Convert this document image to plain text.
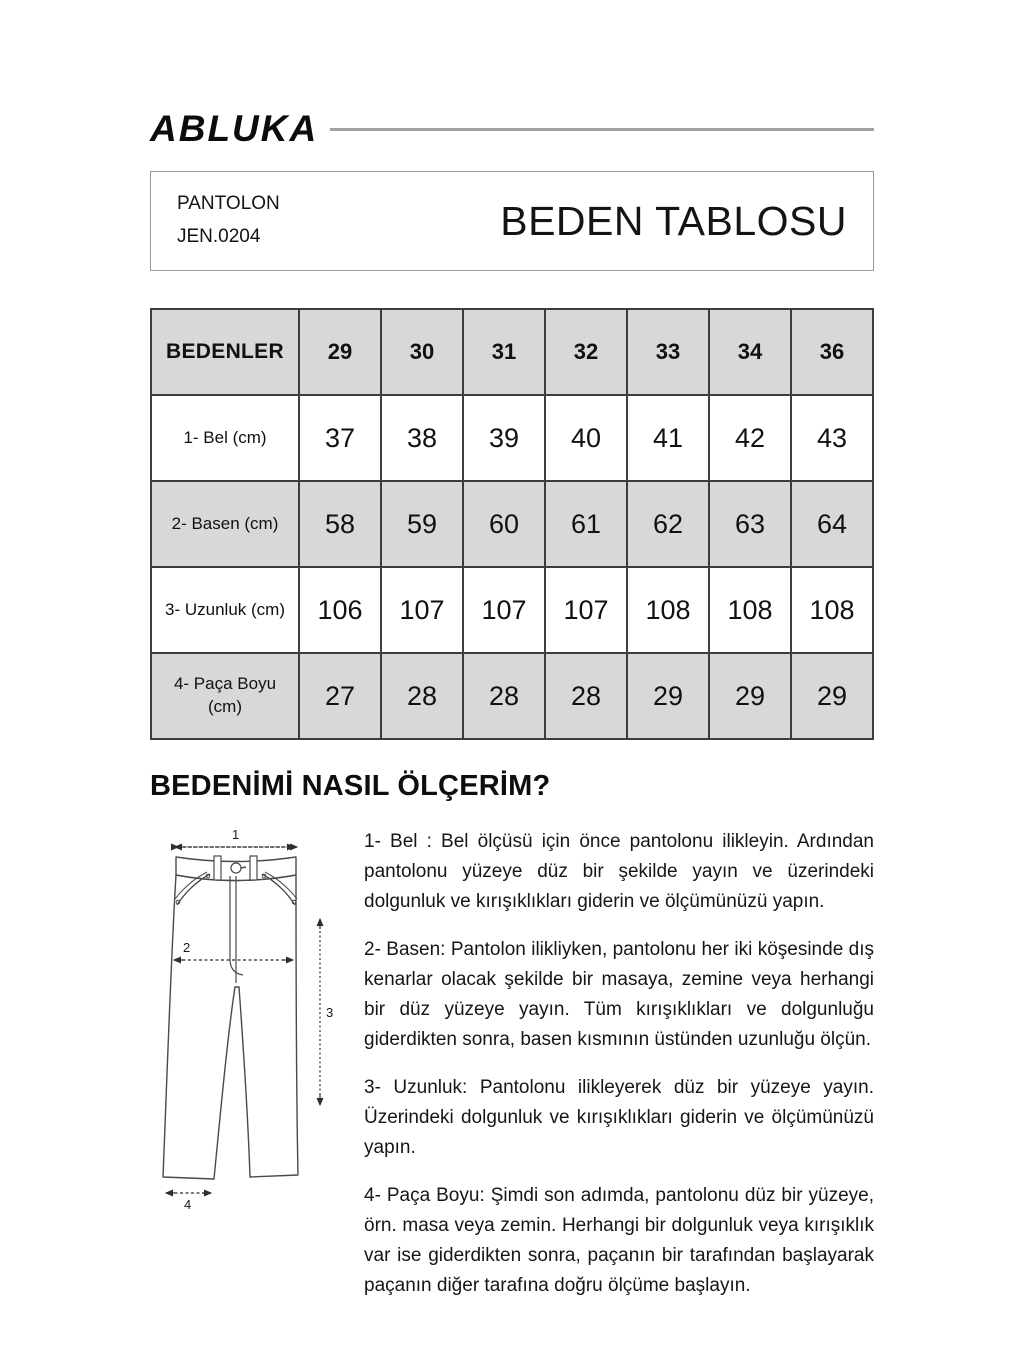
ABLUKA
PANTOLON
JEN.0204	BEDEN TABLOSU
BEDENLER	29	30	31	32	33	34	36
1- Bel (cm)	37	38	39	40	41	42	43
2- Basen (cm)	58	59	60	61	62	63	64
3- Uzunluk (cm)	106	107	107	107	108	108	108
4- Paça Boyu (cm)	27	28	28	28	29	29	29
BEDENİMİ NASIL ÖLÇERİM?
1
2
3
4

1- Bel : Bel ölçüsü için önce pantolonu ilikleyin. Ardından pantolonu yüzeye düz bir şekilde yayın ve üzerindeki dolgunluk ve kırışıklıkları giderin ve ölçümünüzü yapın.

2- Basen: Pantolon ilikliyken, pantolonu her iki köşesinde dış kenarlar olacak şekilde bir masaya, zemine veya herhangi bir düz yüzeye yayın. Tüm kırışıklıkları ve dolgunluğu giderdikten sonra, basen kısmının üstünden uzunluğu ölçün.

3- Uzunluk: Pantolonu ilikleyerek düz bir yüzeye yayın. Üzerindeki dolgunluk ve kırışıklıkları giderin ve ölçümünüzü yapın.

4- Paça Boyu: Şimdi son adımda, pantolonu düz bir yüzeye, örn. masa veya zemin. Herhangi bir dolgunluk veya kırışıklık var ise giderdikten sonra, paçanın bir tarafından başlayarak paçanın diğer tarafına doğru ölçüme başlayın.
